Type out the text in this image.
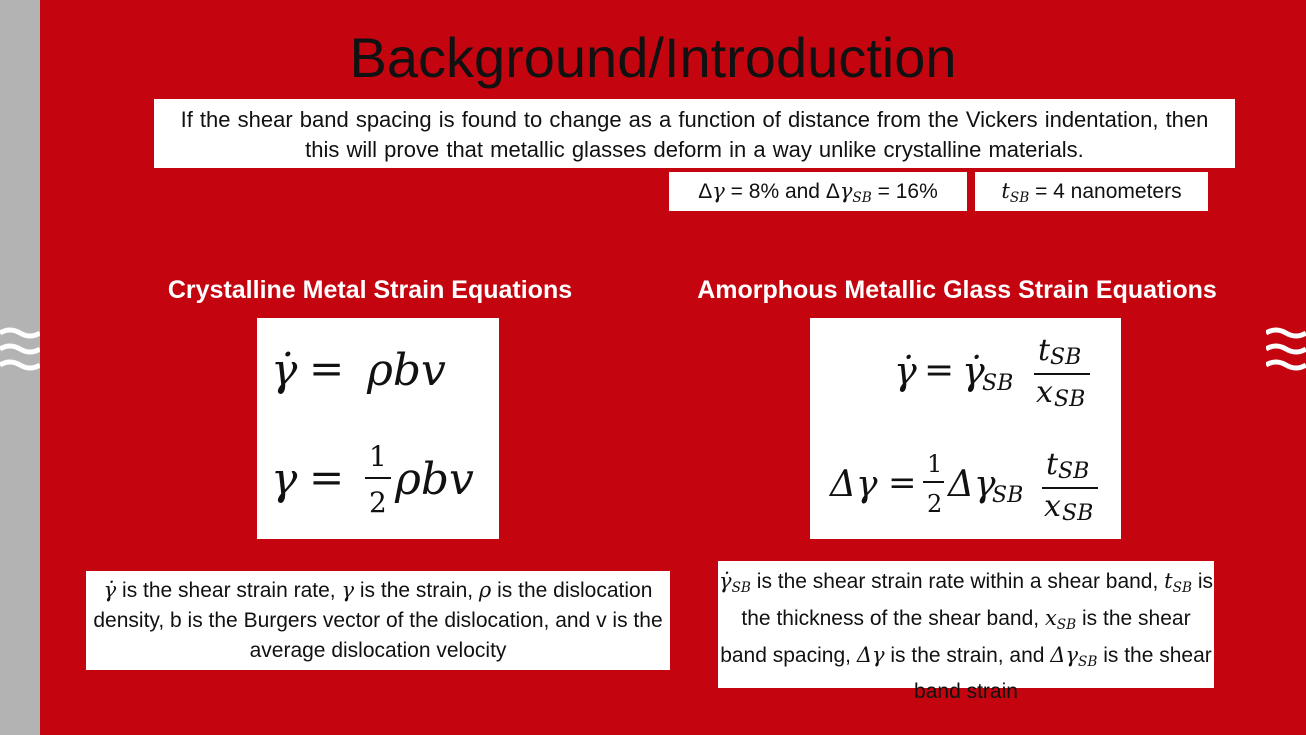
Background/Introduction
If the shear band spacing is found to change as a function of distance from the Vickers indentation, then this will prove that metallic glasses deform in a way unlike crystalline materials.
Δγ = 8% and $\Delta\gamma_{SB} = 16\%$	$t_{SB} = 4$ nanometers
Crystalline Metal Strain Equations	Amorphous Metallic Glass Strain Equations
γ̇ = ρbv
γ = 1
2 ρbv
γ̇ = γ̇
SB
t SB
x SB
Δγ = 1
2 Δγ
SB
t SB
x SB
γ̇ is the shear strain rate, γ is the strain, ρ is the dislocation density, b is the Burgers vector of the dislocation, and v is the average dislocation velocity
$\gammȧ_{SB}$ is the shear strain rate within a shear band, $t_{SB}$ is the thickness of the shear band, $x_{SB}$ is the shear band spacing, Δγ is the strain, and $\Delta\gamma_{SB}$ is the shear band strain
